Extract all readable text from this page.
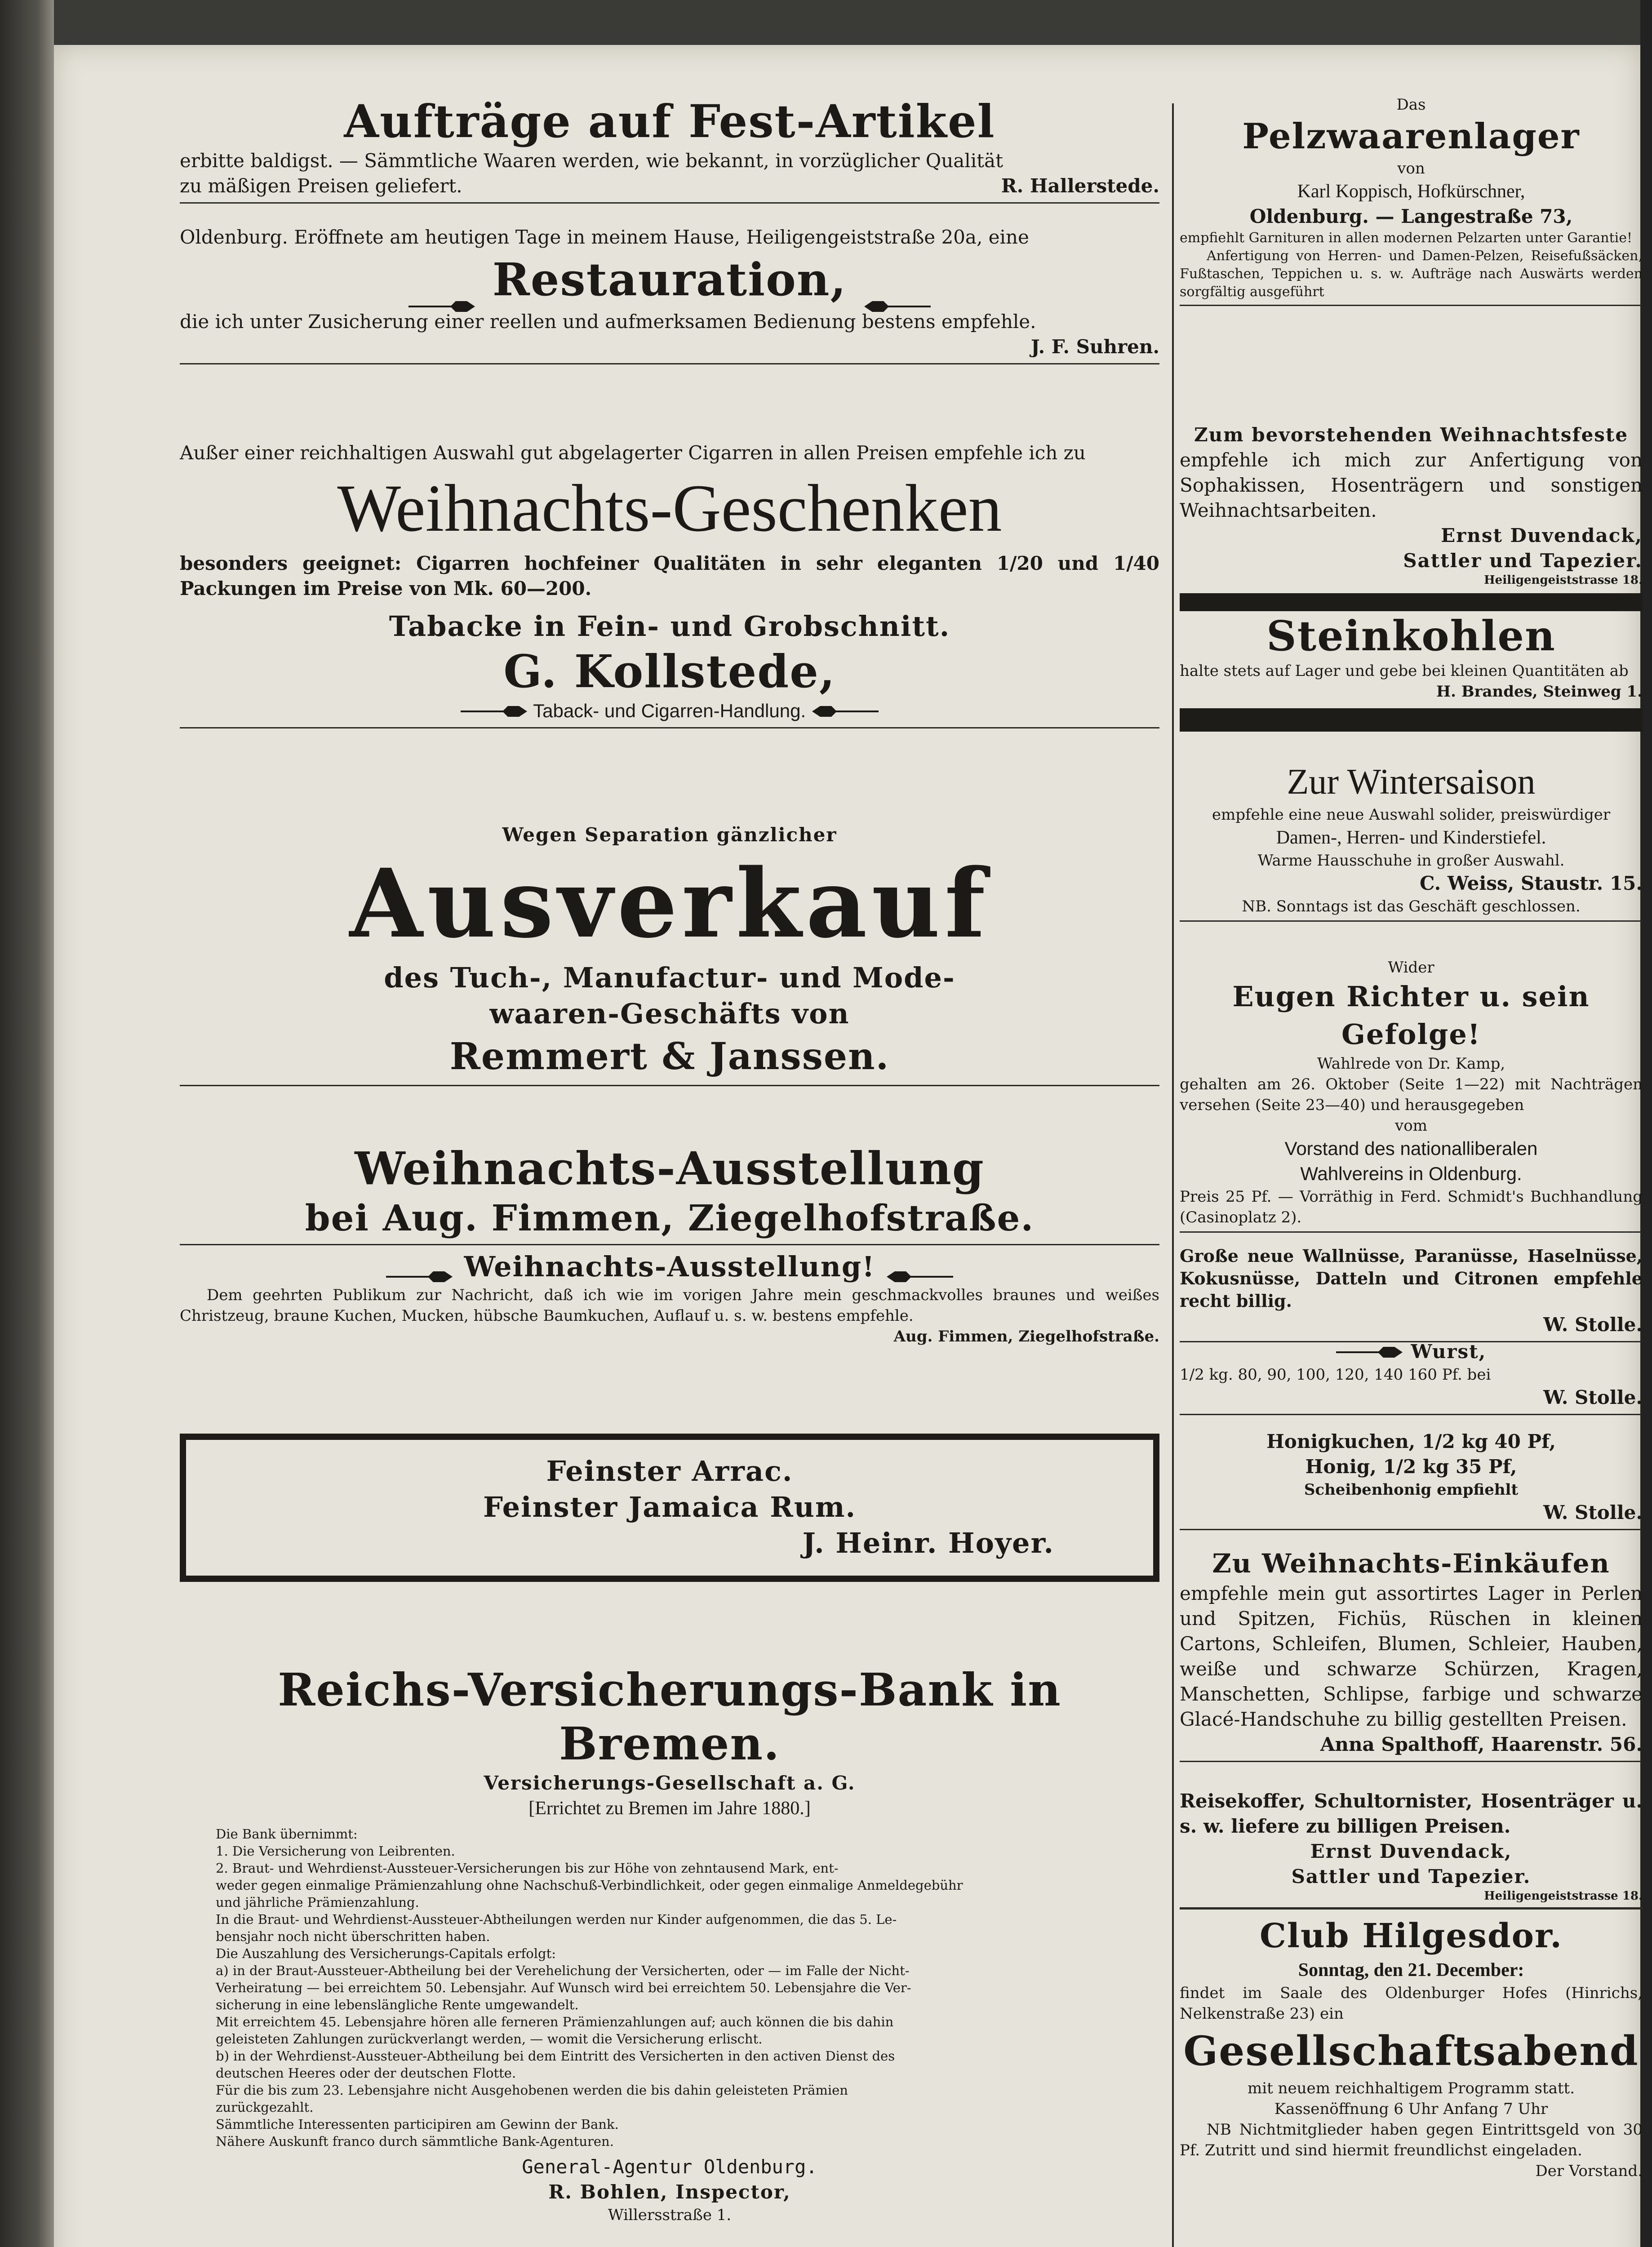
Aufträge auf Fest-Artikel

erbitte baldigst. — Sämmtliche Waaren werden, wie bekannt, in vorzüglicher Qualität

zu mäßigen Preisen geliefert.	R. Hallerstede.

Oldenburg. Eröffnete am heutigen Tage in meinem Hause, Heiligengeiststraße 20a, eine

Restauration,

die ich unter Zusicherung einer reellen und aufmerksamen Bedienung bestens empfehle.

J. F. Suhren.

Außer einer reichhaltigen Auswahl gut abgelagerter Cigarren in allen Preisen empfehle ich zu

Weihnachts-Geschenken

besonders geeignet: Cigarren hochfeiner Qualitäten in sehr eleganten 1/20 und 1/40 Packungen im Preise von Mk. 60—200.

Tabacke in Fein- und Grobschnitt.

G. Kollstede,

Taback- und Cigarren-Handlung.

Wegen Separation gänzlicher

Ausverkauf

des Tuch-, Manufactur- und Mode-

waaren-Geschäfts von

Remmert & Janssen.

Weihnachts-Ausstellung

bei Aug. Fimmen, Ziegelhofstraße.

Weihnachts-Ausstellung!

Dem geehrten Publikum zur Nachricht, daß ich wie im vorigen Jahre mein geschmackvolles braunes und weißes Christzeug, braune Kuchen, Mucken, hübsche Baumkuchen, Auflauf u. s. w. bestens empfehle.

Aug. Fimmen, Ziegelhofstraße.

Feinster Arrac.

Feinster Jamaica Rum.

J. Heinr. Hoyer.

Reichs-Versicherungs-Bank in Bremen.

Versicherungs-Gesellschaft a. G.

[Errichtet zu Bremen im Jahre 1880.]

Die Bank übernimmt:

1. Die Versicherung von Leibrenten.

2. Braut- und Wehrdienst-Aussteuer-Versicherungen bis zur Höhe von zehntausend Mark, ent-

weder gegen einmalige Prämienzahlung ohne Nachschuß-Verbindlichkeit, oder gegen einmalige Anmeldegebühr

und jährliche Prämienzahlung.

In die Braut- und Wehrdienst-Aussteuer-Abtheilungen werden nur Kinder aufgenommen, die das 5. Le-

bensjahr noch nicht überschritten haben.

Die Auszahlung des Versicherungs-Capitals erfolgt:

a) in der Braut-Aussteuer-Abtheilung bei der Verehelichung der Versicherten, oder — im Falle der Nicht-

Verheiratung — bei erreichtem 50. Lebensjahr. Auf Wunsch wird bei erreichtem 50. Lebensjahre die Ver-

sicherung in eine lebenslängliche Rente umgewandelt.

Mit erreichtem 45. Lebensjahre hören alle ferneren Prämienzahlungen auf; auch können die bis dahin

geleisteten Zahlungen zurückverlangt werden, — womit die Versicherung erlischt.

b) in der Wehrdienst-Aussteuer-Abtheilung bei dem Eintritt des Versicherten in den activen Dienst des

deutschen Heeres oder der deutschen Flotte.

Für die bis zum 23. Lebensjahre nicht Ausgehobenen werden die bis dahin geleisteten Prämien

zurückgezahlt.

Sämmtliche Interessenten participiren am Gewinn der Bank.

Nähere Auskunft franco durch sämmtliche Bank-Agenturen.

General-Agentur Oldenburg.

R. Bohlen, Inspector,

Willersstraße 1.

Das

Pelzwaarenlager

von

Karl Koppisch, Hofkürschner,

Oldenburg. — Langestraße 73,

empfiehlt Garnituren in allen modernen Pelzarten unter Garantie!

Anfertigung von Herren- und Damen-Pelzen, Reisefußsäcken, Fußtaschen, Teppichen u. s. w. Aufträge nach Auswärts werden sorgfältig ausgeführt

Zum bevorstehenden Weihnachtsfeste

empfehle ich mich zur Anfertigung von Sophakissen, Hosenträgern und sonstigen Weihnachtsarbeiten.

Ernst Duvendack,

Sattler und Tapezier.

Heiligengeiststrasse 18.

Steinkohlen

halte stets auf Lager und gebe bei kleinen Quantitäten ab

H. Brandes, Steinweg 1.

Zur Wintersaison

empfehle eine neue Auswahl solider, preiswürdiger

Damen-, Herren- und Kinderstiefel.

Warme Hausschuhe in großer Auswahl.

C. Weiss, Staustr. 15.

NB. Sonntags ist das Geschäft geschlossen.

Wider

Eugen Richter u. sein Gefolge!

Wahlrede von Dr. Kamp,

gehalten am 26. Oktober (Seite 1—22) mit Nachträgen versehen (Seite 23—40) und herausgegeben

vom

Vorstand des nationalliberalen

Wahlvereins in Oldenburg.

Preis 25 Pf. — Vorräthig in Ferd. Schmidt's Buchhandlung (Casinoplatz 2).

Große neue Wallnüsse, Paranüsse, Haselnüsse, Kokusnüsse, Datteln und Citronen empfehle recht billig.

W. Stolle.

Wurst,

1/2 kg. 80, 90, 100, 120, 140 160 Pf. bei

W. Stolle.

Honigkuchen, 1/2 kg 40 Pf,

Honig, 1/2 kg 35 Pf,

Scheibenhonig empfiehlt

W. Stolle.

Zu Weihnachts-Einkäufen

empfehle mein gut assortirtes Lager in Perlen und Spitzen, Fichüs, Rüschen in kleinen Cartons, Schleifen, Blumen, Schleier, Hauben, weiße und schwarze Schürzen, Kragen, Manschetten, Schlipse, farbige und schwarze Glacé-Handschuhe zu billig gestellten Preisen.

Anna Spalthoff, Haarenstr. 56.

Reisekoffer, Schultornister, Hosenträger u. s. w. liefere zu billigen Preisen.

Ernst Duvendack,

Sattler und Tapezier.

Heiligengeiststrasse 18.

Club Hilgesdor.

Sonntag, den 21. December:

findet im Saale des Oldenburger Hofes (Hinrichs, Nelkenstraße 23) ein

Gesellschaftsabend

mit neuem reichhaltigem Programm statt.

Kassenöffnung 6 Uhr Anfang 7 Uhr

NB Nichtmitglieder haben gegen Eintrittsgeld von 30 Pf. Zutritt und sind hiermit freundlichst eingeladen.

Der Vorstand.
